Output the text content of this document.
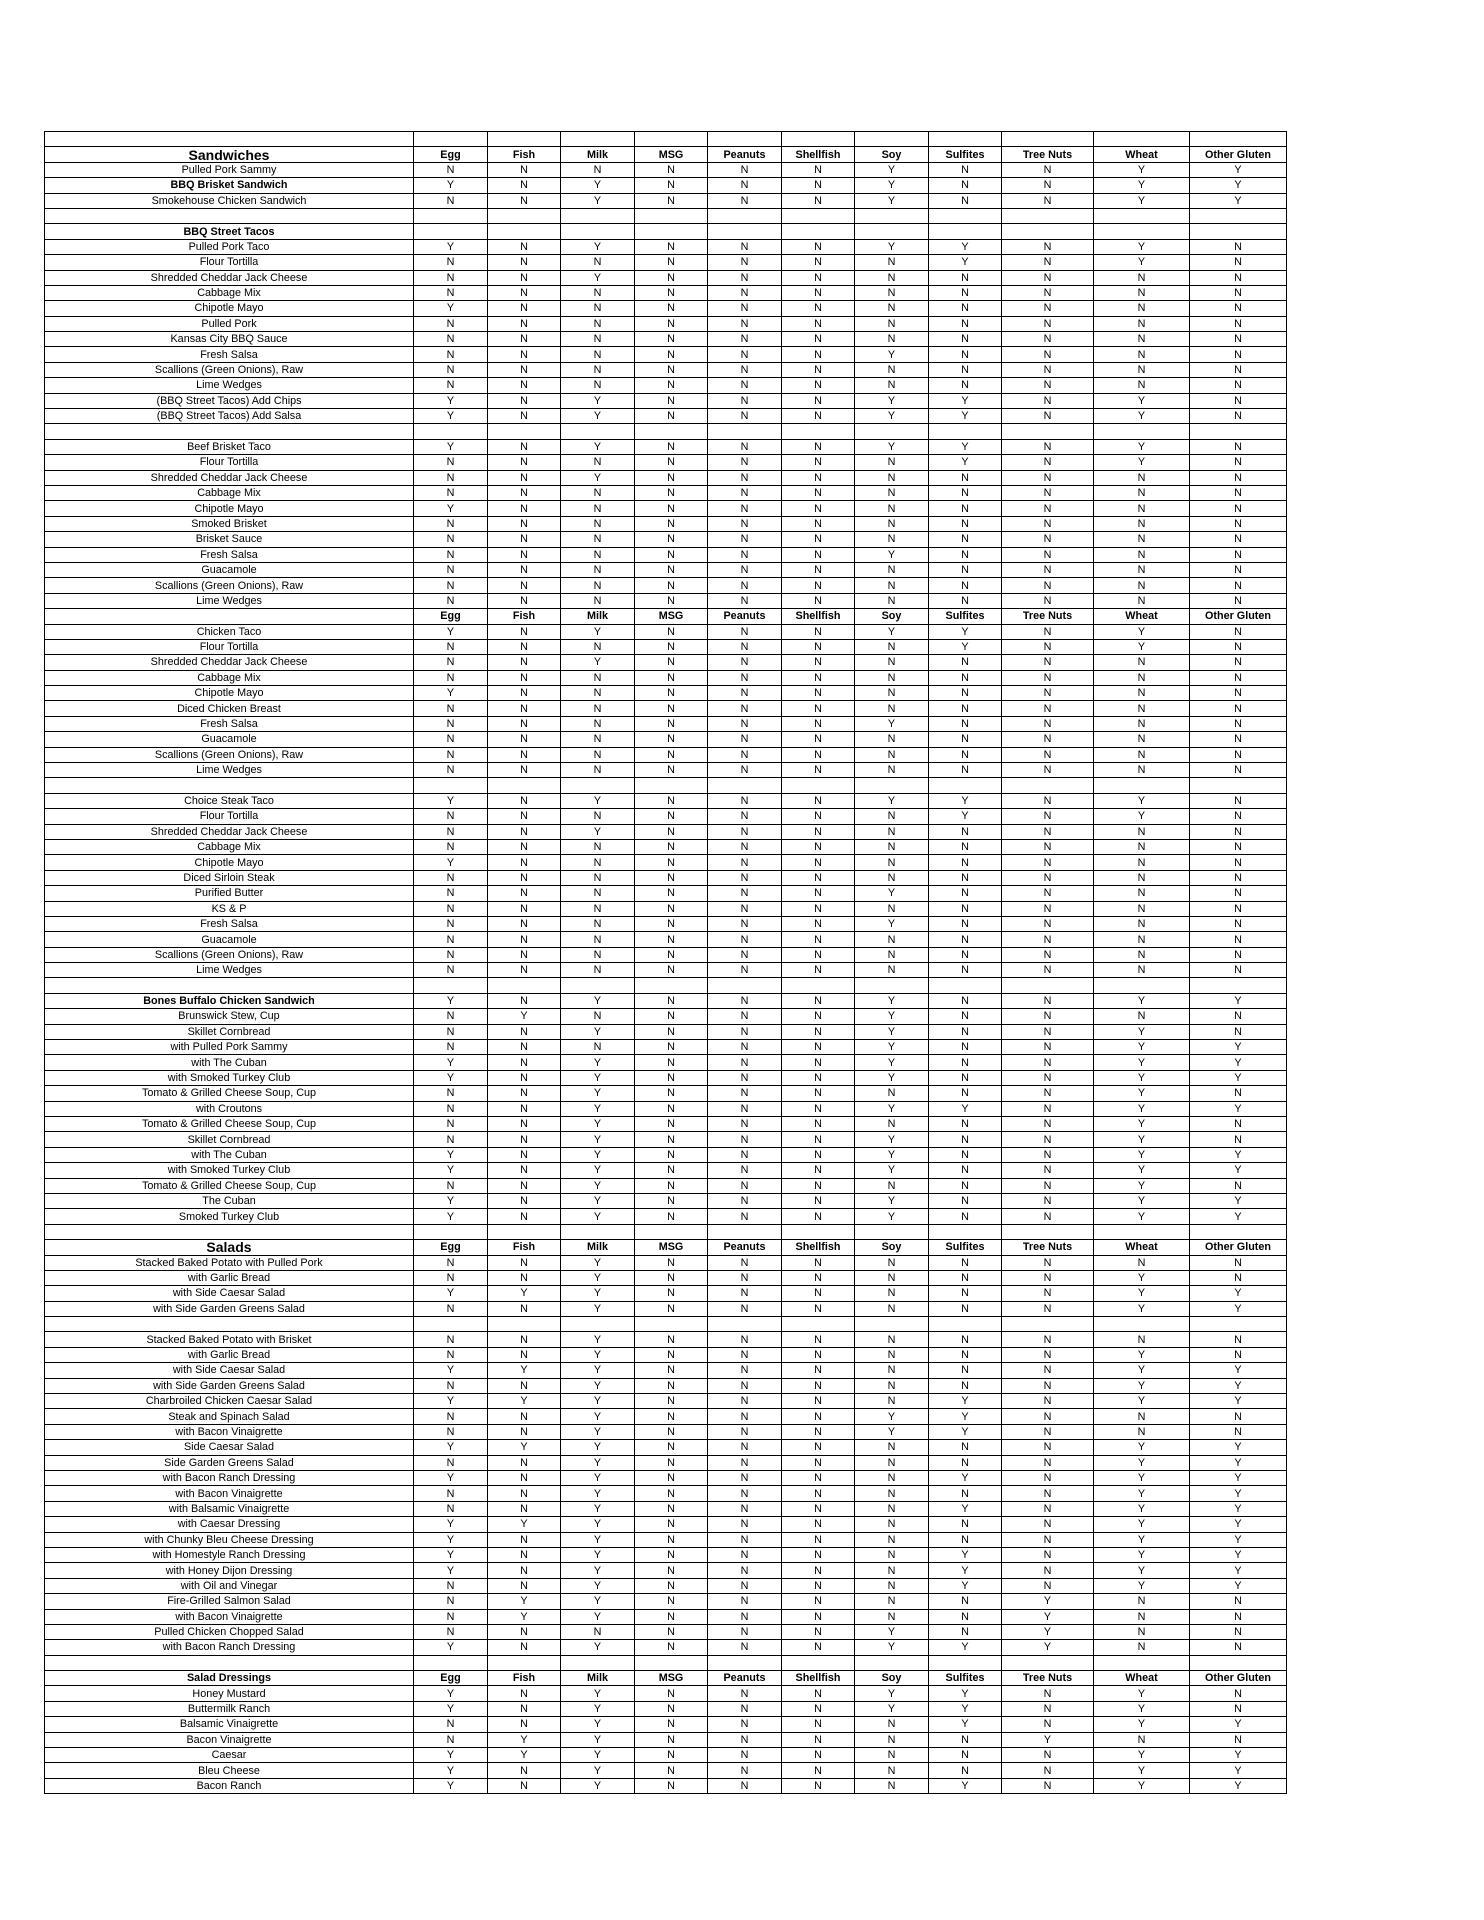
Sandwiches	Egg	Fish	Milk	MSG	Peanuts	Shellfish	Soy	Sulfites	Tree Nuts	Wheat	Other Gluten
Pulled Pork Sammy	N	N	N	N	N	N	Y	N	N	Y	Y
BBQ Brisket Sandwich	Y	N	Y	N	N	N	Y	N	N	Y	Y
Smokehouse Chicken Sandwich	N	N	Y	N	N	N	Y	N	N	Y	Y

BBQ Street Tacos											
Pulled Pork Taco	Y	N	Y	N	N	N	Y	Y	N	Y	N
Flour Tortilla	N	N	N	N	N	N	N	Y	N	Y	N
Shredded Cheddar Jack Cheese	N	N	Y	N	N	N	N	N	N	N	N
Cabbage Mix	N	N	N	N	N	N	N	N	N	N	N
Chipotle Mayo	Y	N	N	N	N	N	N	N	N	N	N
Pulled Pork	N	N	N	N	N	N	N	N	N	N	N
Kansas City BBQ Sauce	N	N	N	N	N	N	N	N	N	N	N
Fresh Salsa	N	N	N	N	N	N	Y	N	N	N	N
Scallions (Green Onions), Raw	N	N	N	N	N	N	N	N	N	N	N
Lime Wedges	N	N	N	N	N	N	N	N	N	N	N
(BBQ Street Tacos) Add Chips	Y	N	Y	N	N	N	Y	Y	N	Y	N
(BBQ Street Tacos) Add Salsa	Y	N	Y	N	N	N	Y	Y	N	Y	N

Beef Brisket Taco	Y	N	Y	N	N	N	Y	Y	N	Y	N
Flour Tortilla	N	N	N	N	N	N	N	Y	N	Y	N
Shredded Cheddar Jack Cheese	N	N	Y	N	N	N	N	N	N	N	N
Cabbage Mix	N	N	N	N	N	N	N	N	N	N	N
Chipotle Mayo	Y	N	N	N	N	N	N	N	N	N	N
Smoked Brisket	N	N	N	N	N	N	N	N	N	N	N
Brisket Sauce	N	N	N	N	N	N	N	N	N	N	N
Fresh Salsa	N	N	N	N	N	N	Y	N	N	N	N
Guacamole	N	N	N	N	N	N	N	N	N	N	N
Scallions (Green Onions), Raw	N	N	N	N	N	N	N	N	N	N	N
Lime Wedges	N	N	N	N	N	N	N	N	N	N	N
	Egg	Fish	Milk	MSG	Peanuts	Shellfish	Soy	Sulfites	Tree Nuts	Wheat	Other Gluten
Chicken Taco	Y	N	Y	N	N	N	Y	Y	N	Y	N
Flour Tortilla	N	N	N	N	N	N	N	Y	N	Y	N
Shredded Cheddar Jack Cheese	N	N	Y	N	N	N	N	N	N	N	N
Cabbage Mix	N	N	N	N	N	N	N	N	N	N	N
Chipotle Mayo	Y	N	N	N	N	N	N	N	N	N	N
Diced Chicken Breast	N	N	N	N	N	N	N	N	N	N	N
Fresh Salsa	N	N	N	N	N	N	Y	N	N	N	N
Guacamole	N	N	N	N	N	N	N	N	N	N	N
Scallions (Green Onions), Raw	N	N	N	N	N	N	N	N	N	N	N
Lime Wedges	N	N	N	N	N	N	N	N	N	N	N

Choice Steak Taco	Y	N	Y	N	N	N	Y	Y	N	Y	N
Flour Tortilla	N	N	N	N	N	N	N	Y	N	Y	N
Shredded Cheddar Jack Cheese	N	N	Y	N	N	N	N	N	N	N	N
Cabbage Mix	N	N	N	N	N	N	N	N	N	N	N
Chipotle Mayo	Y	N	N	N	N	N	N	N	N	N	N
Diced Sirloin Steak	N	N	N	N	N	N	N	N	N	N	N
Purified Butter	N	N	N	N	N	N	Y	N	N	N	N
KS & P	N	N	N	N	N	N	N	N	N	N	N
Fresh Salsa	N	N	N	N	N	N	Y	N	N	N	N
Guacamole	N	N	N	N	N	N	N	N	N	N	N
Scallions (Green Onions), Raw	N	N	N	N	N	N	N	N	N	N	N
Lime Wedges	N	N	N	N	N	N	N	N	N	N	N

Bones Buffalo Chicken Sandwich	Y	N	Y	N	N	N	Y	N	N	Y	Y
Brunswick Stew, Cup	N	Y	N	N	N	N	Y	N	N	N	N
Skillet Cornbread	N	N	Y	N	N	N	Y	N	N	Y	N
with Pulled Pork Sammy	N	N	N	N	N	N	Y	N	N	Y	Y
with The Cuban	Y	N	Y	N	N	N	Y	N	N	Y	Y
with Smoked Turkey Club	Y	N	Y	N	N	N	Y	N	N	Y	Y
Tomato & Grilled Cheese Soup, Cup	N	N	Y	N	N	N	N	N	N	Y	N
with Croutons	N	N	Y	N	N	N	Y	Y	N	Y	Y
Tomato & Grilled Cheese Soup, Cup	N	N	Y	N	N	N	N	N	N	Y	N
Skillet Cornbread	N	N	Y	N	N	N	Y	N	N	Y	N
with The Cuban	Y	N	Y	N	N	N	Y	N	N	Y	Y
with Smoked Turkey Club	Y	N	Y	N	N	N	Y	N	N	Y	Y
Tomato & Grilled Cheese Soup, Cup	N	N	Y	N	N	N	N	N	N	Y	N
The Cuban	Y	N	Y	N	N	N	Y	N	N	Y	Y
Smoked Turkey Club	Y	N	Y	N	N	N	Y	N	N	Y	Y

Salads	Egg	Fish	Milk	MSG	Peanuts	Shellfish	Soy	Sulfites	Tree Nuts	Wheat	Other Gluten
Stacked Baked Potato with Pulled Pork	N	N	Y	N	N	N	N	N	N	N	N
with Garlic Bread	N	N	Y	N	N	N	N	N	N	Y	N
with Side Caesar Salad	Y	Y	Y	N	N	N	N	N	N	Y	Y
with Side Garden Greens Salad	N	N	Y	N	N	N	N	N	N	Y	Y

Stacked Baked Potato with Brisket	N	N	Y	N	N	N	N	N	N	N	N
with Garlic Bread	N	N	Y	N	N	N	N	N	N	Y	N
with Side Caesar Salad	Y	Y	Y	N	N	N	N	N	N	Y	Y
with Side Garden Greens Salad	N	N	Y	N	N	N	N	N	N	Y	Y
Charbroiled Chicken Caesar Salad	Y	Y	Y	N	N	N	N	Y	N	Y	Y
Steak and Spinach Salad	N	N	Y	N	N	N	Y	Y	N	N	N
with Bacon Vinaigrette	N	N	Y	N	N	N	Y	Y	N	N	N
Side Caesar Salad	Y	Y	Y	N	N	N	N	N	N	Y	Y
Side Garden Greens Salad	N	N	Y	N	N	N	N	N	N	Y	Y
with Bacon Ranch Dressing	Y	N	Y	N	N	N	N	Y	N	Y	Y
with Bacon Vinaigrette	N	N	Y	N	N	N	N	N	N	Y	Y
with Balsamic Vinaigrette	N	N	Y	N	N	N	N	Y	N	Y	Y
with Caesar Dressing	Y	Y	Y	N	N	N	N	N	N	Y	Y
with Chunky Bleu Cheese Dressing	Y	N	Y	N	N	N	N	N	N	Y	Y
with Homestyle Ranch Dressing	Y	N	Y	N	N	N	N	Y	N	Y	Y
with Honey Dijon Dressing	Y	N	Y	N	N	N	N	Y	N	Y	Y
with Oil and Vinegar	N	N	Y	N	N	N	N	Y	N	Y	Y
Fire-Grilled Salmon Salad	N	Y	Y	N	N	N	N	N	Y	N	N
with Bacon Vinaigrette	N	Y	Y	N	N	N	N	N	Y	N	N
Pulled Chicken Chopped Salad	N	N	N	N	N	N	Y	N	Y	N	N
with Bacon Ranch Dressing	Y	N	Y	N	N	N	Y	Y	Y	N	N

Salad Dressings	Egg	Fish	Milk	MSG	Peanuts	Shellfish	Soy	Sulfites	Tree Nuts	Wheat	Other Gluten
Honey Mustard	Y	N	Y	N	N	N	Y	Y	N	Y	N
Buttermilk Ranch	Y	N	Y	N	N	N	Y	Y	N	Y	N
Balsamic Vinaigrette	N	N	Y	N	N	N	N	Y	N	Y	Y
Bacon Vinaigrette	N	Y	Y	N	N	N	N	N	Y	N	N
Caesar	Y	Y	Y	N	N	N	N	N	N	Y	Y
Bleu Cheese	Y	N	Y	N	N	N	N	N	N	Y	Y
Bacon Ranch	Y	N	Y	N	N	N	N	Y	N	Y	Y
